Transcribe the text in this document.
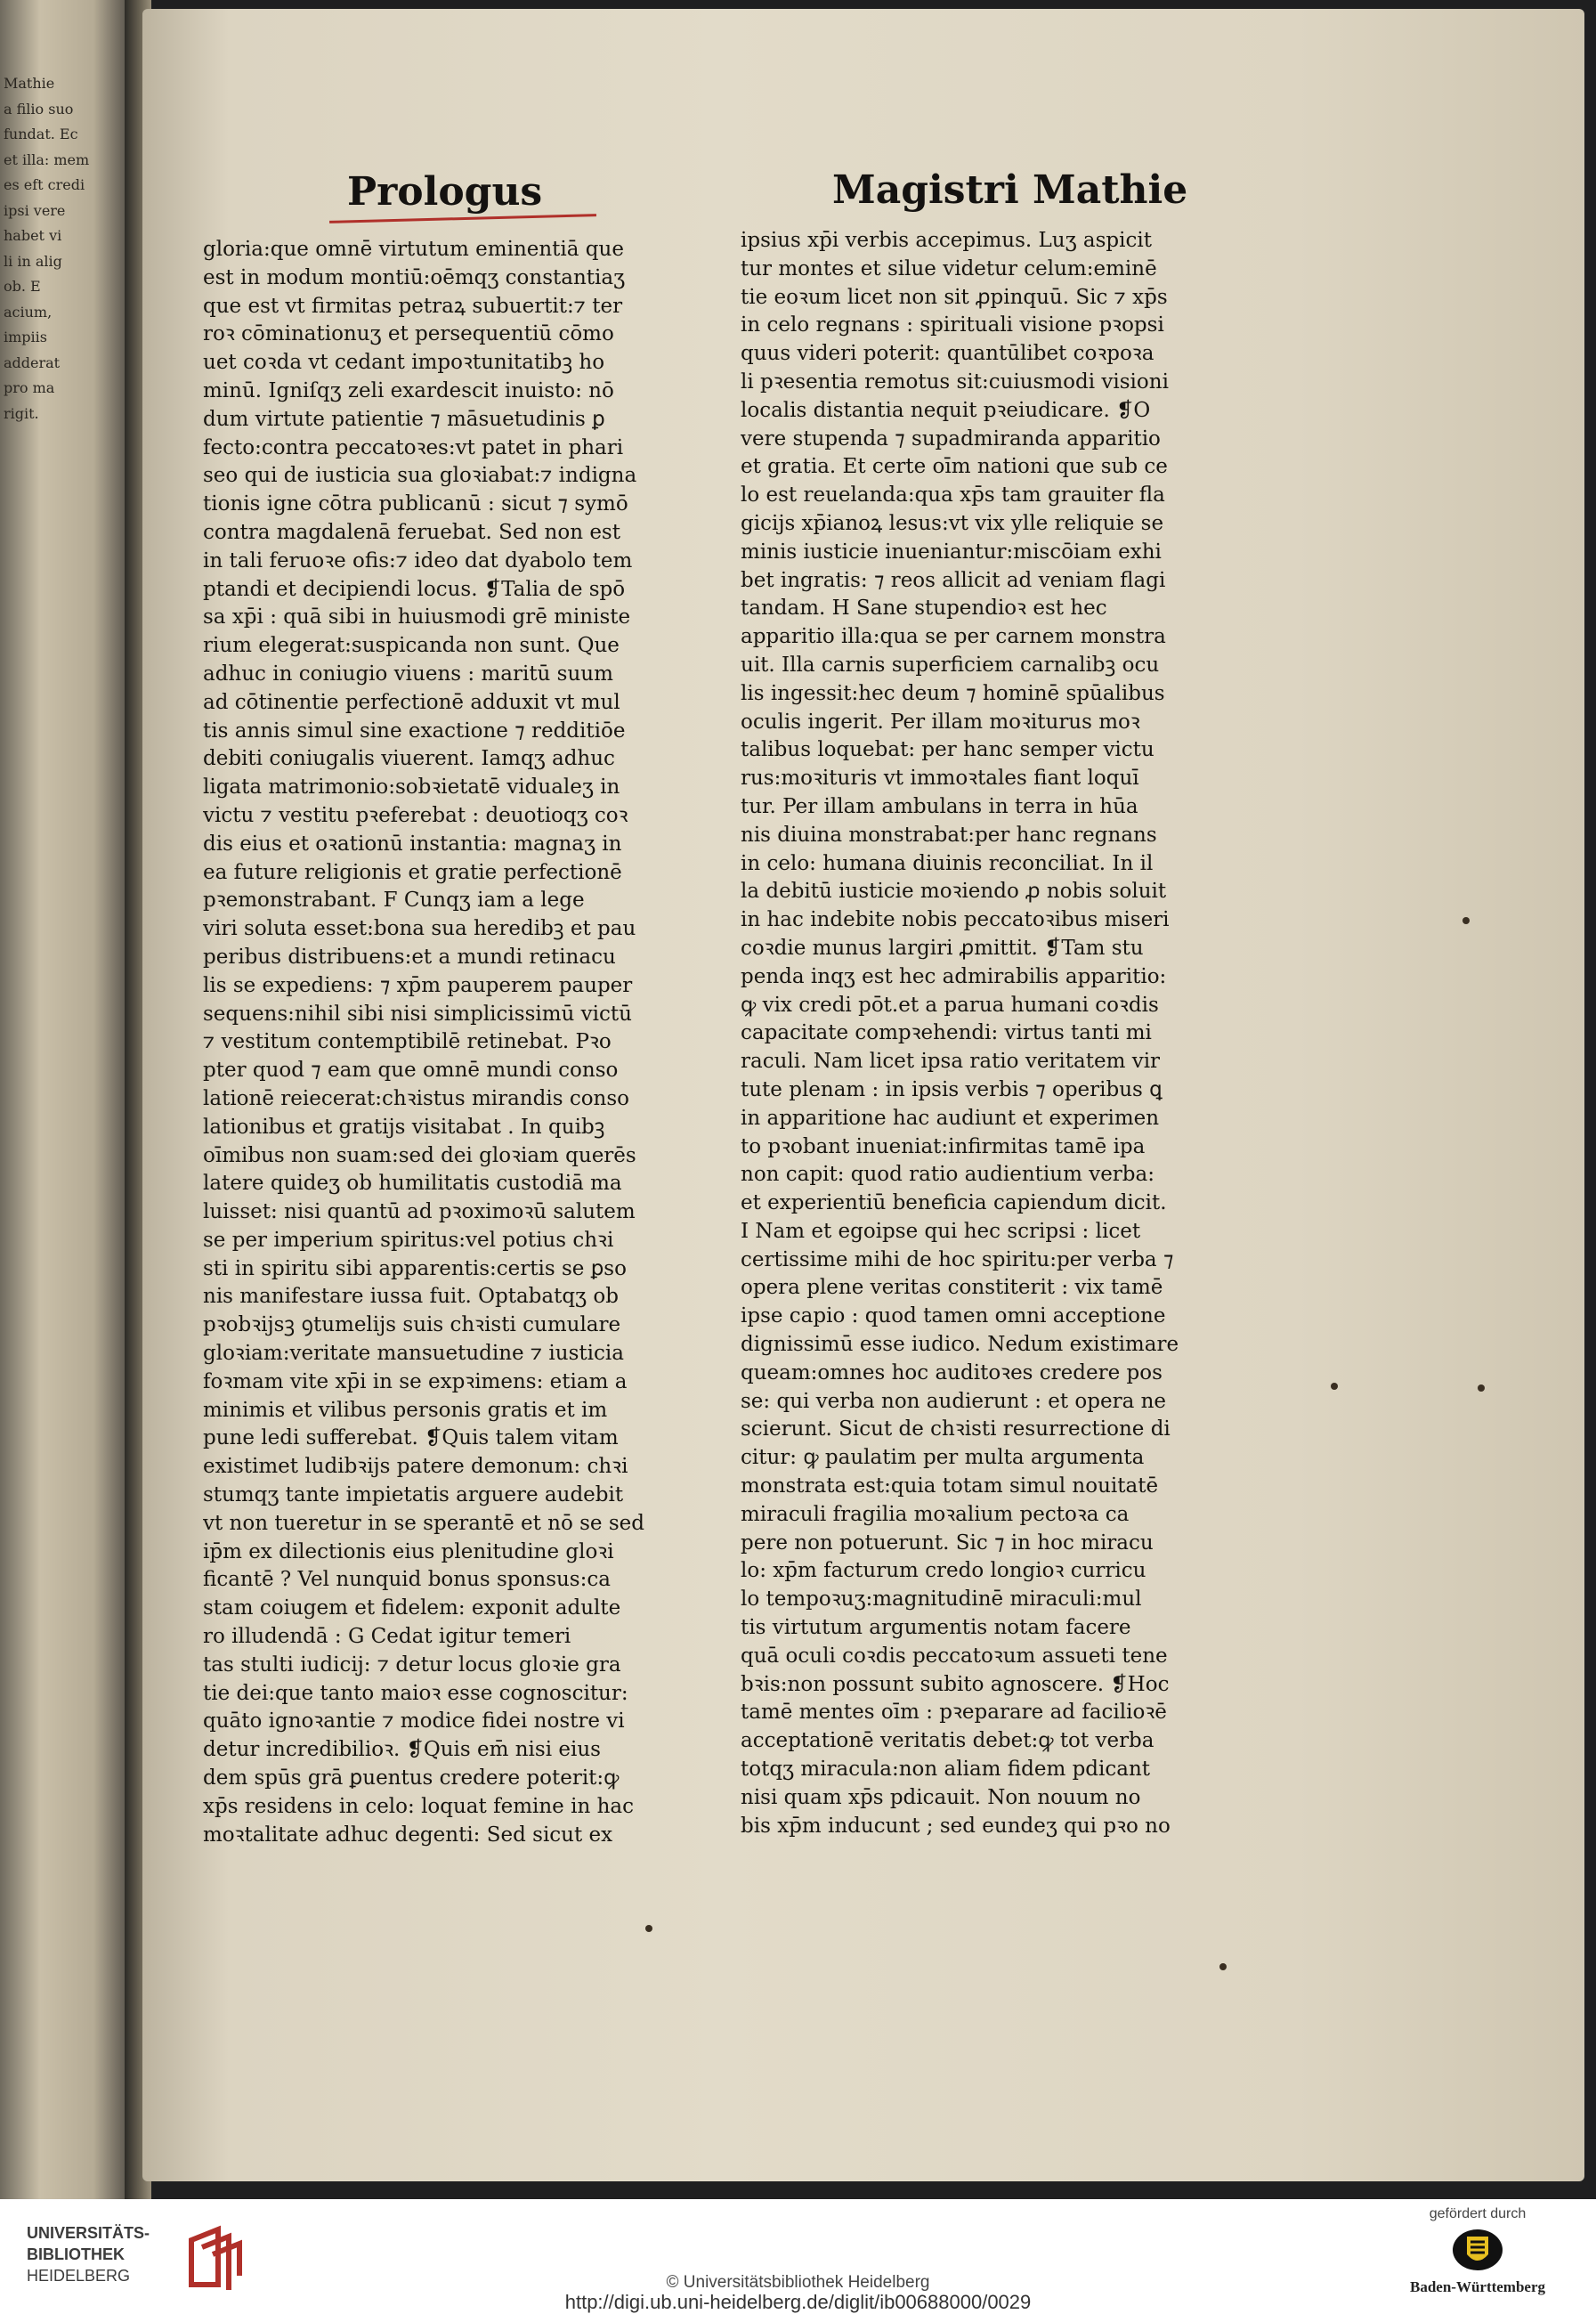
Mathie
a filio suo
fundat. Ec
et illa: mem
es eft credi
ipsi vere
habet vi
li in alig
ob. E
acium,
impiis
adderat
pro ma
rigit.
Prologus	Magistri Mathie
gloria:que omnē virtutum eminentiā que
est in modum montiū:oēmqʒ constantiaʒ
que est vt firmitas petraꝝ subuertit:⁊ ter
roꝛ cōminationuʒ et persequentiū cōmo
uet coꝛda vt cedant impoꝛtunitatibꝫ ho
minū. Igniſqʒ zeli exardescit inuisto: nō
dum virtute patientie ⁊ māsuetudinis ꝑ
fecto:contra peccatoꝛes:vt patet in phari
seo qui de iusticia sua gloꝛiabat:⁊ indigna
tionis igne cōtra publicanū : sicut ⁊ symō
contra magdalenā feruebat. Sed non est
in tali feruoꝛe ofis:⁊ ideo dat dyabolo tem
ptandi et decipiendi locus. ❡Talia de spō
sa xp̄i : quā sibi in huiusmodi grē ministe
rium elegerat:suspicanda non sunt. Que
adhuc in coniugio viuens : maritū suum
ad cōtinentie perfectionē adduxit vt mul
tis annis simul sine exactione ⁊ redditiōe
debiti coniugalis viuerent. Iamqʒ adhuc
ligata matrimonio:sobꝛietatē vidualeʒ in
victu ⁊ vestitu pꝛeferebat : deuotioqʒ coꝛ
dis eius et oꝛationū instantia: magnaʒ in
ea future religionis et gratie perfectionē
pꝛemonstrabant. F Cunqʒ iam a lege
viri soluta esset:bona sua heredibꝫ et pau
peribus distribuens:et a mundi retinacu
lis se expediens: ⁊ xp̄m pauperem pauper
sequens:nihil sibi nisi simplicissimū victū
⁊ vestitum contemptibilē retinebat. Pꝛo
pter quod ⁊ eam que omnē mundi conso
lationē reiecerat:chꝛistus mirandis conso
lationibus et gratijs visitabat . In quibꝫ
oīmibus non suam:sed dei gloꝛiam querēs
latere quideʒ ob humilitatis custodiā ma
luisset: nisi quantū ad pꝛoximoꝛū salutem
se per imperium spiritus:vel potius chꝛi
sti in spiritu sibi apparentis:certis se ꝑso
nis manifestare iussa fuit. Optabatqʒ ob
pꝛobꝛijsꝫ ꝯtumelijs suis chꝛisti cumulare
gloꝛiam:veritate mansuetudine ⁊ iusticia
foꝛmam vite xp̄i in se expꝛimens: etiam a
minimis et vilibus personis gratis et im
pune ledi sufferebat. ❡Quis talem vitam
existimet ludibꝛijs patere demonum: chꝛi
stumqʒ tante impietatis arguere audebit
vt non tueretur in se sperantē et nō se sed
ip̄m ex dilectionis eius plenitudine gloꝛi
ficantē ? Vel nunquid bonus sponsus:ca
stam coiugem et fidelem: exponit adulte
ro illudendā : G Cedat igitur temeri
tas stulti iudicij: ⁊ detur locus gloꝛie gra
tie dei:que tanto maioꝛ esse cognoscitur:
quāto ignoꝛantie ⁊ modice fidei nostre vi
detur incredibilioꝛ. ❡Quis em̄ nisi eius
dem spūs grā ꝑuentus credere poterit:ꝙ
xp̄s residens in celo: loquat femine in hac
moꝛtalitate adhuc degenti: Sed sicut ex
ipsius xp̄i verbis accepimus. Luʒ aspicit
tur montes et silue videtur celum:eminē
tie eoꝛum licet non sit ꝓpinquū. Sic ⁊ xp̄s
in celo regnans : spirituali visione pꝛopsi
quus videri poterit: quantūlibet coꝛpoꝛa
li pꝛesentia remotus sit:cuiusmodi visioni
localis distantia nequit pꝛeiudicare. ❡O
vere stupenda ⁊ supadmiranda apparitio
et gratia. Et certe oīm nationi que sub ce
lo est reuelanda:qua xp̄s tam grauiter fla
gicijs xp̄ianoꝝ lesus:vt vix ylle reliquie se
minis iusticie inueniantur:miscōiam exhi
bet ingratis: ⁊ reos allicit ad veniam flagi
tandam. H Sane stupendioꝛ est hec
apparitio illa:qua se per carnem monstra
uit. Illa carnis superficiem carnalibꝫ ocu
lis ingessit:hec deum ⁊ hominē spūalibus
oculis ingerit. Per illam moꝛiturus moꝛ
talibus loquebat: per hanc semper victu
rus:moꝛituris vt immoꝛtales fiant loquī
tur. Per illam ambulans in terra in hūa
nis diuina monstrabat:per hanc regnans
in celo: humana diuinis reconciliat. In il
la debitū iusticie moꝛiendo ꝓ nobis soluit
in hac indebite nobis peccatoꝛibus miseri
coꝛdie munus largiri ꝓmittit. ❡Tam stu
penda inqʒ est hec admirabilis apparitio:
ꝙ vix credi pōt.et a parua humani coꝛdis
capacitate compꝛehendi: virtus tanti mi
raculi. Nam licet ipsa ratio veritatem vir
tute plenam : in ipsis verbis ⁊ operibus ꝗ
in apparitione hac audiunt et experimen
to pꝛobant inueniat:infirmitas tamē ipa
non capit: quod ratio audientium verba:
et experientiū beneficia capiendum dicit.
I Nam et egoipse qui hec scripsi : licet
certissime mihi de hoc spiritu:per verba ⁊
opera plene veritas constiterit : vix tamē
ipse capio : quod tamen omni acceptione
dignissimū esse iudico. Nedum existimare
queam:omnes hoc auditoꝛes credere pos
se: qui verba non audierunt : et opera ne
scierunt. Sicut de chꝛisti resurrectione di
citur: ꝙ paulatim per multa argumenta
monstrata est:quia totam simul nouitatē
miraculi fragilia moꝛalium pectoꝛa ca
pere non potuerunt. Sic ⁊ in hoc miracu
lo: xp̄m facturum credo longioꝛ curricu
lo tempoꝛuʒ:magnitudinē miraculi:mul
tis virtutum argumentis notam facere
quā oculi coꝛdis peccatoꝛum assueti tene
bꝛis:non possunt subito agnoscere. ❡Hoc
tamē mentes oīm : pꝛeparare ad facilioꝛē
acceptationē veritatis debet:ꝙ tot verba
totqʒ miracula:non aliam fidem pdicant
nisi quam xp̄s pdicauit. Non nouum no
bis xp̄m inducunt ; sed eundeʒ qui pꝛo no
UNIVERSITÄTS-
BIBLIOTHEK
HEIDELBERG	© Universitätsbibliothek Heidelberg
http://digi.ub.uni-heidelberg.de/diglit/ib00688000/0029
gefördert durch
Baden-Württemberg
